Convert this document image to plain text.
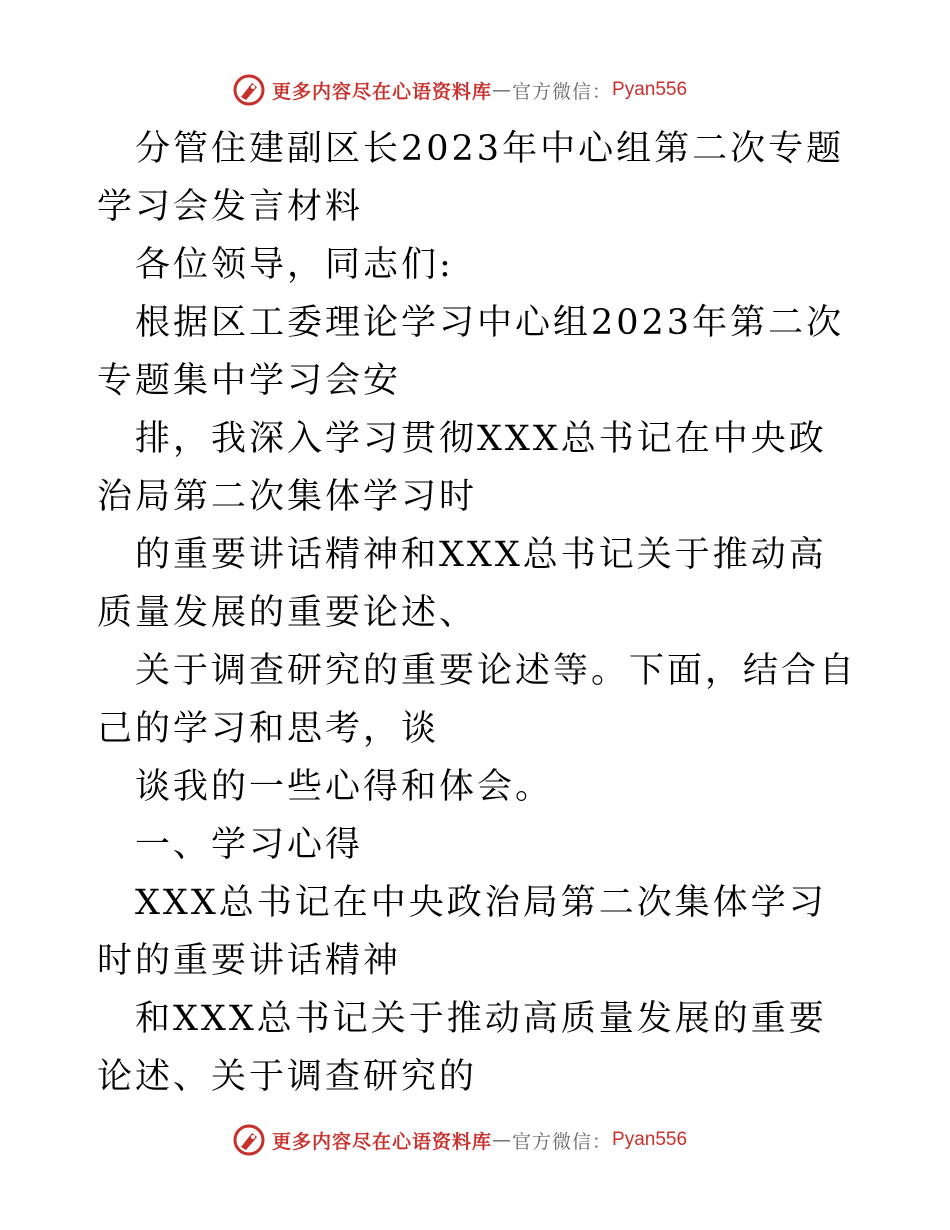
更多内容尽在心语资料库 — 官方微信： Pyan556

分管住建副区长2023年中心组第二次专题学习会发言材料

各位领导，同志们:

根据区工委理论学习中心组2023年第二次专题集中学习会安

排，我深入学习贯彻XXX总书记在中央政治局第二次集体学习时

的重要讲话精神和XXX总书记关于推动高质量发展的重要论述、

关于调查研究的重要论述等。下面，结合自己的学习和思考，谈

谈我的一些心得和体会。

一、学习心得

XXX总书记在中央政治局第二次集体学习时的重要讲话精神

和XXX总书记关于推动高质量发展的重要论述、关于调查研究的

更多内容尽在心语资料库 — 官方微信： Pyan556
